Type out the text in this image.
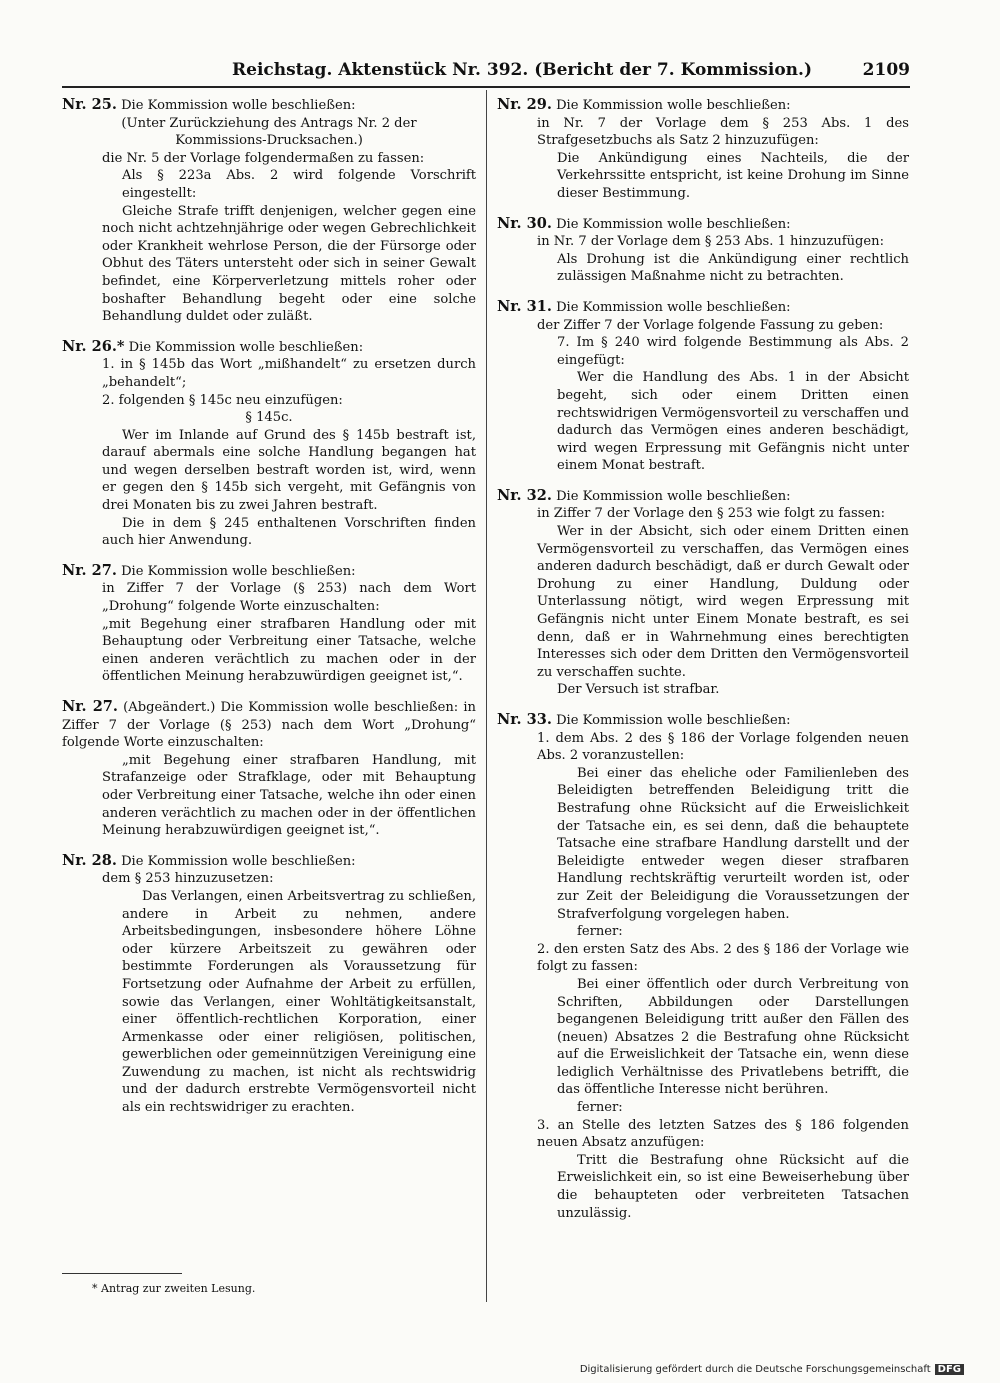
Reichstag. Aktenstück Nr. 392. (Bericht der 7. Kommission.)	2109
Nr. 25. Die Kommission wolle beschließen:
(Unter Zurückziehung des Antrags Nr. 2 der
Kommissions-Drucksachen.)
die Nr. 5 der Vorlage folgendermaßen zu fassen:
Als § 223a Abs. 2 wird folgende Vorschrift eingestellt:
Gleiche Strafe trifft denjenigen, welcher gegen eine noch nicht achtzehnjährige oder wegen Gebrechlichkeit oder Krankheit wehrlose Person, die der Fürsorge oder Obhut des Täters untersteht oder sich in seiner Gewalt befindet, eine Körperverletzung mittels roher oder boshafter Behandlung begeht oder eine solche Behandlung duldet oder zuläßt.
Nr. 26.* Die Kommission wolle beschließen:
1. in § 145b das Wort „mißhandelt“ zu ersetzen durch „behandelt“;
2. folgenden § 145c neu einzufügen:
§ 145c.
Wer im Inlande auf Grund des § 145b bestraft ist, darauf abermals eine solche Handlung begangen hat und wegen derselben bestraft worden ist, wird, wenn er gegen den § 145b sich vergeht, mit Gefängnis von drei Monaten bis zu zwei Jahren bestraft.
Die in dem § 245 enthaltenen Vorschriften finden auch hier Anwendung.
Nr. 27. Die Kommission wolle beschließen:
in Ziffer 7 der Vorlage (§ 253) nach dem Wort „Drohung“ folgende Worte einzuschalten:
„mit Begehung einer strafbaren Handlung oder mit Behauptung oder Verbreitung einer Tatsache, welche einen anderen verächtlich zu machen oder in der öffentlichen Meinung herabzuwürdigen geeignet ist,“.
Nr. 27. (Abgeändert.) Die Kommission wolle beschließen: in Ziffer 7 der Vorlage (§ 253) nach dem Wort „Drohung“ folgende Worte einzuschalten:
„mit Begehung einer strafbaren Handlung, mit Strafanzeige oder Strafklage, oder mit Behauptung oder Verbreitung einer Tatsache, welche ihn oder einen anderen verächtlich zu machen oder in der öffentlichen Meinung herabzuwürdigen geeignet ist,“.
Nr. 28. Die Kommission wolle beschließen:
dem § 253 hinzuzusetzen:
Das Verlangen, einen Arbeitsvertrag zu schließen, andere in Arbeit zu nehmen, andere Arbeitsbedingungen, insbesondere höhere Löhne oder kürzere Arbeitszeit zu gewähren oder bestimmte Forderungen als Voraussetzung für Fortsetzung oder Aufnahme der Arbeit zu erfüllen, sowie das Verlangen, einer Wohltätigkeitsanstalt, einer öffentlich-rechtlichen Korporation, einer Armenkasse oder einer religiösen, politischen, gewerblichen oder gemeinnützigen Vereinigung eine Zuwendung zu machen, ist nicht als rechtswidrig und der dadurch erstrebte Vermögensvorteil nicht als ein rechtswidriger zu erachten.
* Antrag zur zweiten Lesung.
Nr. 29. Die Kommission wolle beschließen:
in Nr. 7 der Vorlage dem § 253 Abs. 1 des Strafgesetzbuchs als Satz 2 hinzuzufügen:
Die Ankündigung eines Nachteils, die der Verkehrssitte entspricht, ist keine Drohung im Sinne dieser Bestimmung.
Nr. 30. Die Kommission wolle beschließen:
in Nr. 7 der Vorlage dem § 253 Abs. 1 hinzuzufügen:
Als Drohung ist die Ankündigung einer rechtlich zulässigen Maßnahme nicht zu betrachten.
Nr. 31. Die Kommission wolle beschließen:
der Ziffer 7 der Vorlage folgende Fassung zu geben:
7. Im § 240 wird folgende Bestimmung als Abs. 2 eingefügt:
Wer die Handlung des Abs. 1 in der Absicht begeht, sich oder einem Dritten einen rechtswidrigen Vermögensvorteil zu verschaffen und dadurch das Vermögen eines anderen beschädigt, wird wegen Erpressung mit Gefängnis nicht unter einem Monat bestraft.
Nr. 32. Die Kommission wolle beschließen:
in Ziffer 7 der Vorlage den § 253 wie folgt zu fassen:
Wer in der Absicht, sich oder einem Dritten einen Vermögensvorteil zu verschaffen, das Vermögen eines anderen dadurch beschädigt, daß er durch Gewalt oder Drohung zu einer Handlung, Duldung oder Unterlassung nötigt, wird wegen Erpressung mit Gefängnis nicht unter Einem Monate bestraft, es sei denn, daß er in Wahrnehmung eines berechtigten Interesses sich oder dem Dritten den Vermögensvorteil zu verschaffen suchte.
Der Versuch ist strafbar.
Nr. 33. Die Kommission wolle beschließen:
1. dem Abs. 2 des § 186 der Vorlage folgenden neuen Abs. 2 voranzustellen:
Bei einer das eheliche oder Familienleben des Beleidigten betreffenden Beleidigung tritt die Bestrafung ohne Rücksicht auf die Erweislichkeit der Tatsache ein, es sei denn, daß die behauptete Tatsache eine strafbare Handlung darstellt und der Beleidigte entweder wegen dieser strafbaren Handlung rechtskräftig verurteilt worden ist, oder zur Zeit der Beleidigung die Voraussetzungen der Strafverfolgung vorgelegen haben.
ferner:
2. den ersten Satz des Abs. 2 des § 186 der Vorlage wie folgt zu fassen:
Bei einer öffentlich oder durch Verbreitung von Schriften, Abbildungen oder Darstellungen begangenen Beleidigung tritt außer den Fällen des (neuen) Absatzes 2 die Bestrafung ohne Rücksicht auf die Erweislichkeit der Tatsache ein, wenn diese lediglich Verhältnisse des Privatlebens betrifft, die das öffentliche Interesse nicht berühren.
ferner:
3. an Stelle des letzten Satzes des § 186 folgenden neuen Absatz anzufügen:
Tritt die Bestrafung ohne Rücksicht auf die Erweislichkeit ein, so ist eine Beweiserhebung über die behaupteten oder verbreiteten Tatsachen unzulässig.
Digitalisierung gefördert durch die Deutsche Forschungsgemeinschaft DFG
